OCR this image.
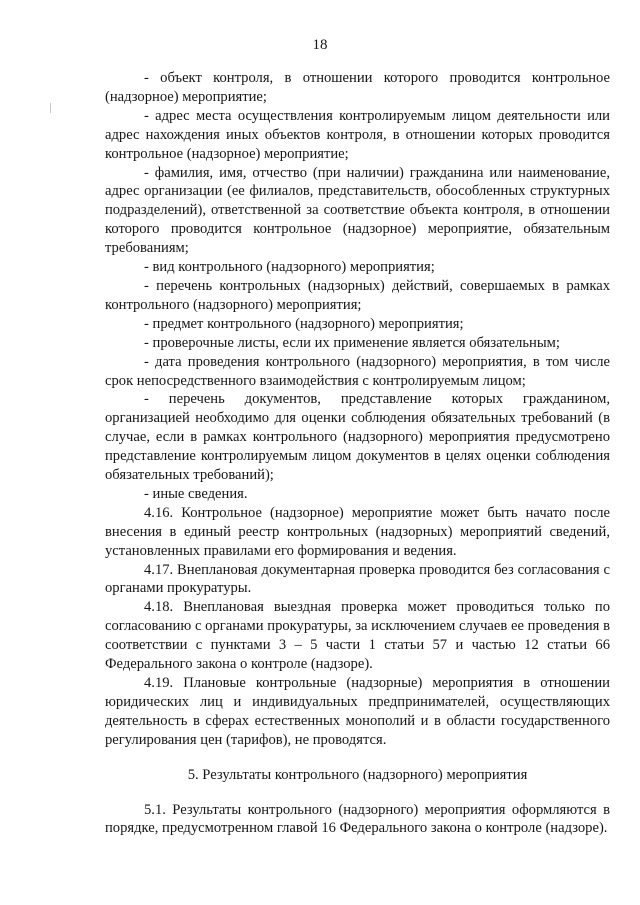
18

- объект контроля, в отношении которого проводится контрольное (надзорное) мероприятие;

- адрес места осуществления контролируемым лицом деятельности или адрес нахождения иных объектов контроля, в отношении которых проводится контрольное (надзорное) мероприятие;

- фамилия, имя, отчество (при наличии) гражданина или наименование, адрес организации (ее филиалов, представительств, обособленных структурных подразделений), ответственной за соответствие объекта контроля, в отношении которого проводится контрольное (надзорное) мероприятие, обязательным требованиям;

- вид контрольного (надзорного) мероприятия;

- перечень контрольных (надзорных) действий, совершаемых в рамках контрольного (надзорного) мероприятия;

- предмет контрольного (надзорного) мероприятия;

- проверочные листы, если их применение является обязательным;

- дата проведения контрольного (надзорного) мероприятия, в том числе срок непосредственного взаимодействия с контролируемым лицом;

- перечень документов, представление которых гражданином, организацией необходимо для оценки соблюдения обязательных требований (в случае, если в рамках контрольного (надзорного) мероприятия предусмотрено представление контролируемым лицом документов в целях оценки соблюдения обязательных требований);

- иные сведения.

4.16. Контрольное (надзорное) мероприятие может быть начато после внесения в единый реестр контрольных (надзорных) мероприятий сведений, установленных правилами его формирования и ведения.

4.17. Внеплановая документарная проверка проводится без согласования с органами прокуратуры.

4.18. Внеплановая выездная проверка может проводиться только по согласованию с органами прокуратуры, за исключением случаев ее проведения в соответствии с пунктами 3 – 5 части 1 статьи 57 и частью 12 статьи 66 Федерального закона о контроле (надзоре).

4.19. Плановые контрольные (надзорные) мероприятия в отношении юридических лиц и индивидуальных предпринимателей, осуществляющих деятельность в сферах естественных монополий и в области государственного регулирования цен (тарифов), не проводятся.

5. Результаты контрольного (надзорного) мероприятия

5.1. Результаты контрольного (надзорного) мероприятия оформляются в порядке, предусмотренном главой 16 Федерального закона о контроле (надзоре).
